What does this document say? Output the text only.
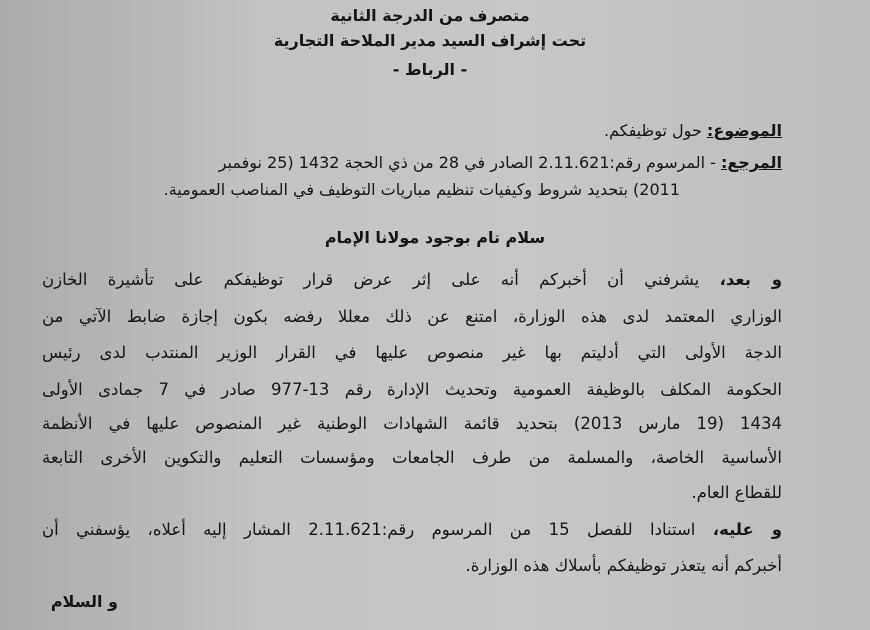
متصرف من الدرجة الثانية
تحت إشراف السيد مدير الملاحة التجارية
- الرباط -
الموضوع: حول توظيفكم.
المرجع: - المرسوم رقم:2.11.621 الصادر في 28 من ذي الحجة 1432 (25 نوفمبر
2011) بتحديد شروط وكيفيات تنظيم مباريات التوظيف في المناصب العمومية.
سلام تام بوجود مولانا الإمام
و بعد، يشرفني أن أخبركم أنه على إثر عرض قرار توظيفكم على تأشيرة الخازن
الوزاري المعتمد لدى هذه الوزارة، امتنع عن ذلك معللا رفضه بكون إجازة ضابط الآتي من
الدجة الأولى التي أدليتم بها غير منصوص عليها في القرار الوزير المنتدب لدى رئيس
الحكومة المكلف بالوظيفة العمومية وتحديث الإدارة رقم 13-977 صادر في 7 جمادى الأولى
1434 (19 مارس 2013) بتحديد قائمة الشهادات الوطنية غير المنصوص عليها في الأنظمة
الأساسية الخاصة، والمسلمة من طرف الجامعات ومؤسسات التعليم والتكوين الأخرى التابعة
للقطاع العام.
و عليه، استنادا للفصل 15 من المرسوم رقم:2.11.621 المشار إليه أعلاه، يؤسفني أن
أخبركم أنه يتعذر توظيفكم بأسلاك هذه الوزارة.
و السلام
